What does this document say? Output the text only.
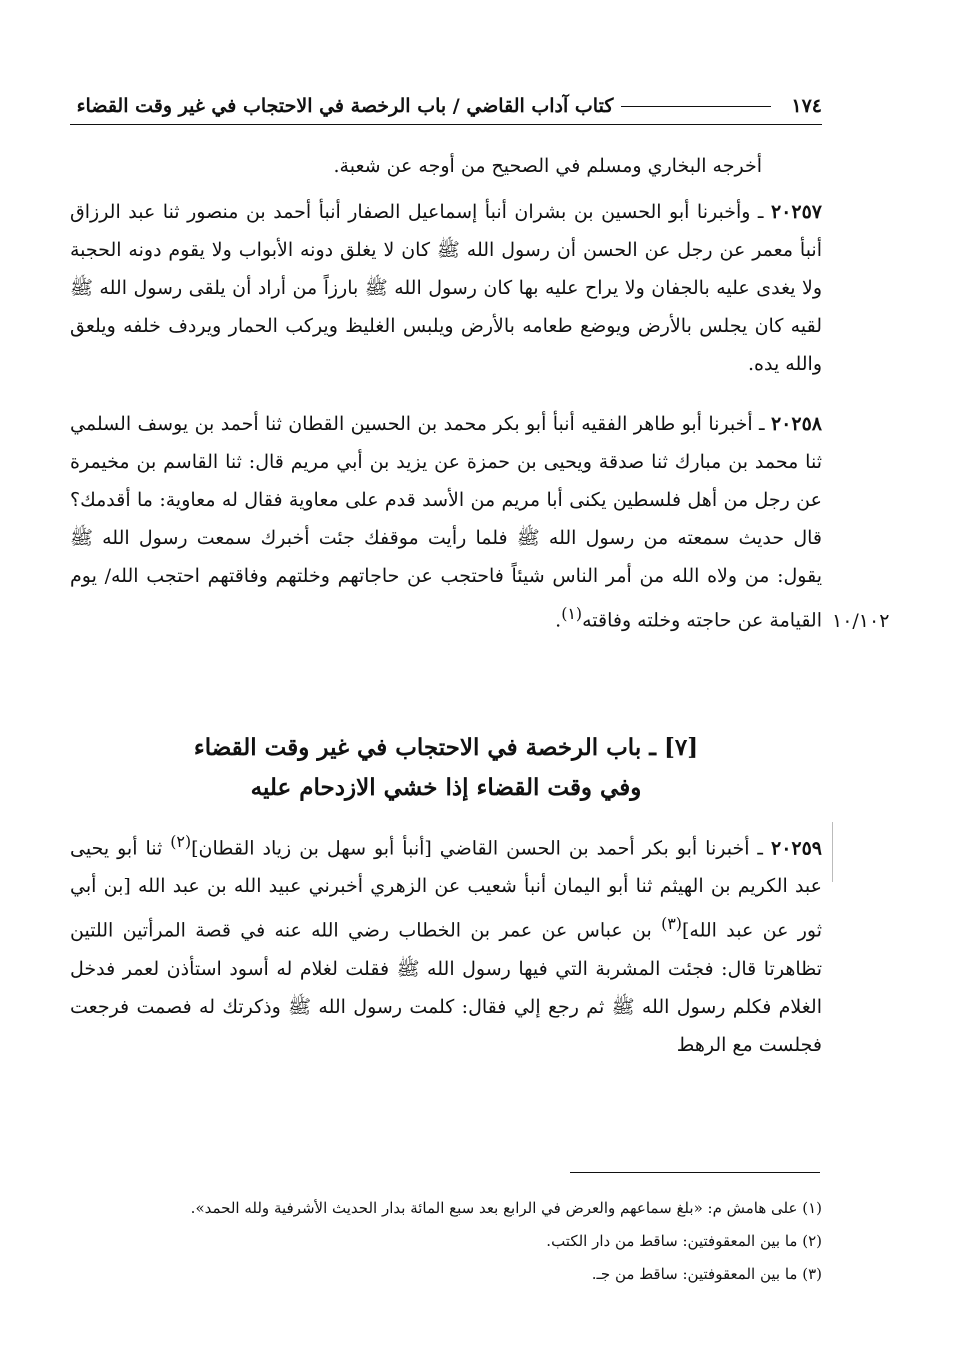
١٧٤
كتاب آداب القاضي / باب الرخصة في الاحتجاب في غير وقت القضاء
أخرجه البخاري ومسلم في الصحيح من أوجه عن شعبة.
٢٠٢٥٧ ـ وأخبرنا أبو الحسين بن بشران أنبأ إسماعيل الصفار أنبأ أحمد بن منصور ثنا عبد الرزاق أنبأ معمر عن رجل عن الحسن أن رسول الله ﷺ كان لا يغلق دونه الأبواب ولا يقوم دونه الحجبة ولا يغدى عليه بالجفان ولا يراح عليه بها كان رسول الله ﷺ بارزاً من أراد أن يلقى رسول الله ﷺ لقيه كان يجلس بالأرض ويوضع طعامه بالأرض ويلبس الغليظ ويركب الحمار ويردف خلفه ويلعق والله يده.
٢٠٢٥٨ ـ أخبرنا أبو طاهر الفقيه أنبأ أبو بكر محمد بن الحسين القطان ثنا أحمد بن يوسف السلمي ثنا محمد بن مبارك ثنا صدقة ويحيى بن حمزة عن يزيد بن أبي مريم قال: ثنا القاسم بن مخيمرة عن رجل من أهل فلسطين يكنى أبا مريم من الأسد قدم على معاوية فقال له معاوية: ما أقدمك؟ قال حديث سمعته من رسول الله ﷺ فلما رأيت موقفك جئت أخبرك سمعت رسول الله ﷺ يقول: من ولاه الله من أمر الناس شيئاً فاحتجب عن حاجاتهم وخلتهم وفاقتهم احتجب الله/ يوم القيامة عن حاجته وخلته وفاقته$^{(١)}$.	١٠/١٠٢
[٧] ـ باب الرخصة في الاحتجاب في غير وقت القضاء
وفي وقت القضاء إذا خشي الازدحام عليه
٢٠٢٥٩ ـ أخبرنا أبو بكر أحمد بن الحسن القاضي [أنبأ أبو سهل بن زياد القطان]$^{(٢)}$ ثنا أبو يحيى عبد الكريم بن الهيثم ثنا أبو اليمان أنبأ شعيب عن الزهري أخبرني عبيد الله بن عبد الله [بن أبي ثور عن عبد الله]$^{(٣)}$ بن عباس عن عمر بن الخطاب رضي الله عنه في قصة المرأتين اللتين تظاهرتا قال: فجئت المشربة التي فيها رسول الله ﷺ فقلت لغلام له أسود استأذن لعمر فدخل الغلام فكلم رسول الله ﷺ ثم رجع إلي فقال: كلمت رسول الله ﷺ وذكرتك له فصمت فرجعت فجلست مع الرهط
(١) على هامش م: «بلغ سماعهم والعرض في الرابع بعد سبع المائة بدار الحديث الأشرفية ولله الحمد».
(٢) ما بين المعقوفتين: ساقط من دار الكتب.
(٣) ما بين المعقوفتين: ساقط من جـ.
